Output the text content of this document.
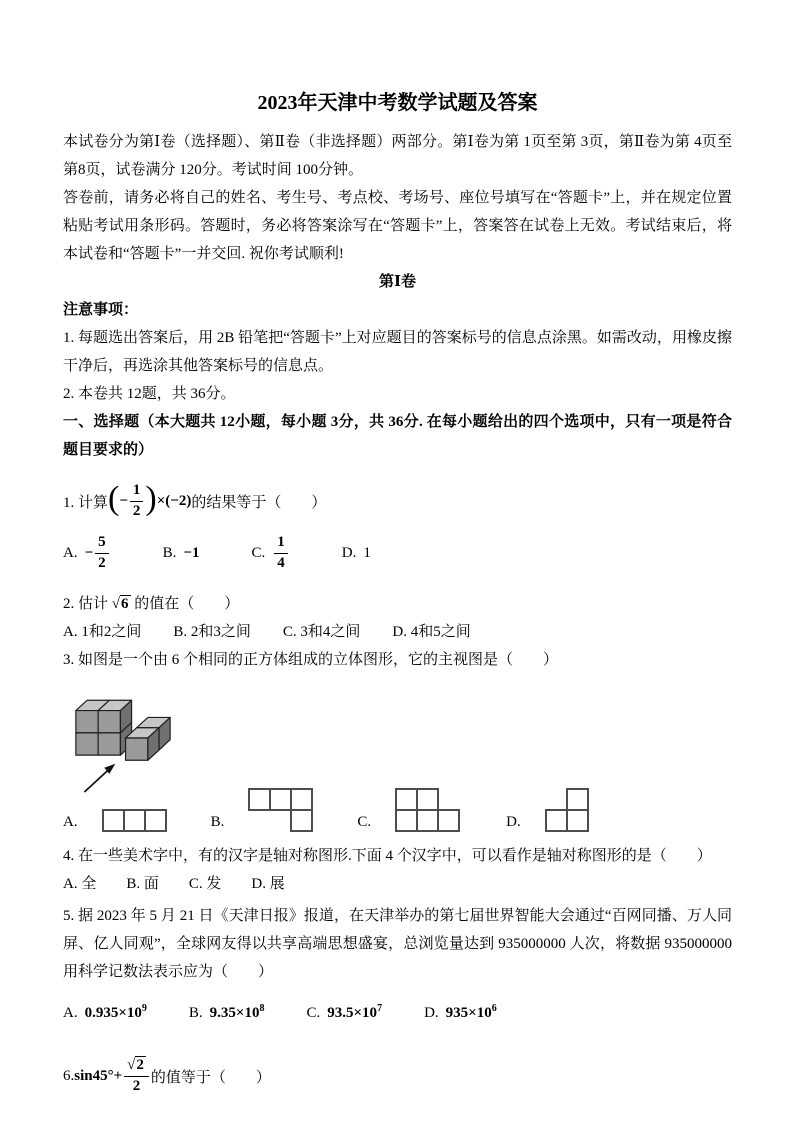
2023年天津中考数学试题及答案

本试卷分为第Ⅰ卷（选择题）、第Ⅱ卷（非选择题）两部分。第Ⅰ卷为第 1页至第 3页，第Ⅱ卷为第 4页至第8页，试卷满分 120分。考试时间 100分钟。

答卷前，请务必将自己的姓名、考生号、考点校、考场号、座位号填写在“答题卡”上，并在规定位置粘贴考试用条形码。答题时，务必将答案涂写在“答题卡”上，答案答在试卷上无效。考试结束后，将本试卷和“答题卡”一并交回. 祝你考试顺利!

第Ⅰ卷
注意事项：

1. 每题选出答案后，用 2B 铅笔把“答题卡”上对应题目的答案标号的信息点涂黑。如需改动，用橡皮擦干净后，再选涂其他答案标号的信息点。

2. 本卷共 12题，共 36分。

一、选择题（本大题共 12小题，每小题 3分，共 36分. 在每小题给出的四个选项中，只有一项是符合题目要求的）

1. 计算 ( − $\frac{1}{2}$ ) ×(−2) 的结果等于（　　）
A. − $\frac{5}{2}$	B. −1	C. $\frac{1}{4}$	D. 1
2. 估计 √6 的值在（　　）
A. 1和2之间 B. 2和3之间 C. 3和4之间 D. 4和5之间
3. 如图是一个由 6 个相同的正方体组成的立体图形，它的主视图是（　　）
A.	B.	C.	D.
4. 在一些美术字中，有的汉字是轴对称图形.下面 4 个汉字中，可以看作是轴对称图形的是（　　）
A. 全 B. 面 C. 发 D. 展

5. 据 2023 年 5 月 21 日《天津日报》报道，在天津举办的第七届世界智能大会通过“百网同播、万人同屏、亿人同观”，全球网友得以共享高端思想盛宴，总浏览量达到 935000000 人次，将数据 935000000 用科学记数法表示应为（　　）

A. $0.935\times 10^9$	B. $9.35\times 10^8$	C. $93.5\times 10^7$	D. $935\times 10^6$
6. $\sin 45^\circ+ \frac{√2}{2}$ 的值等于（　　）
